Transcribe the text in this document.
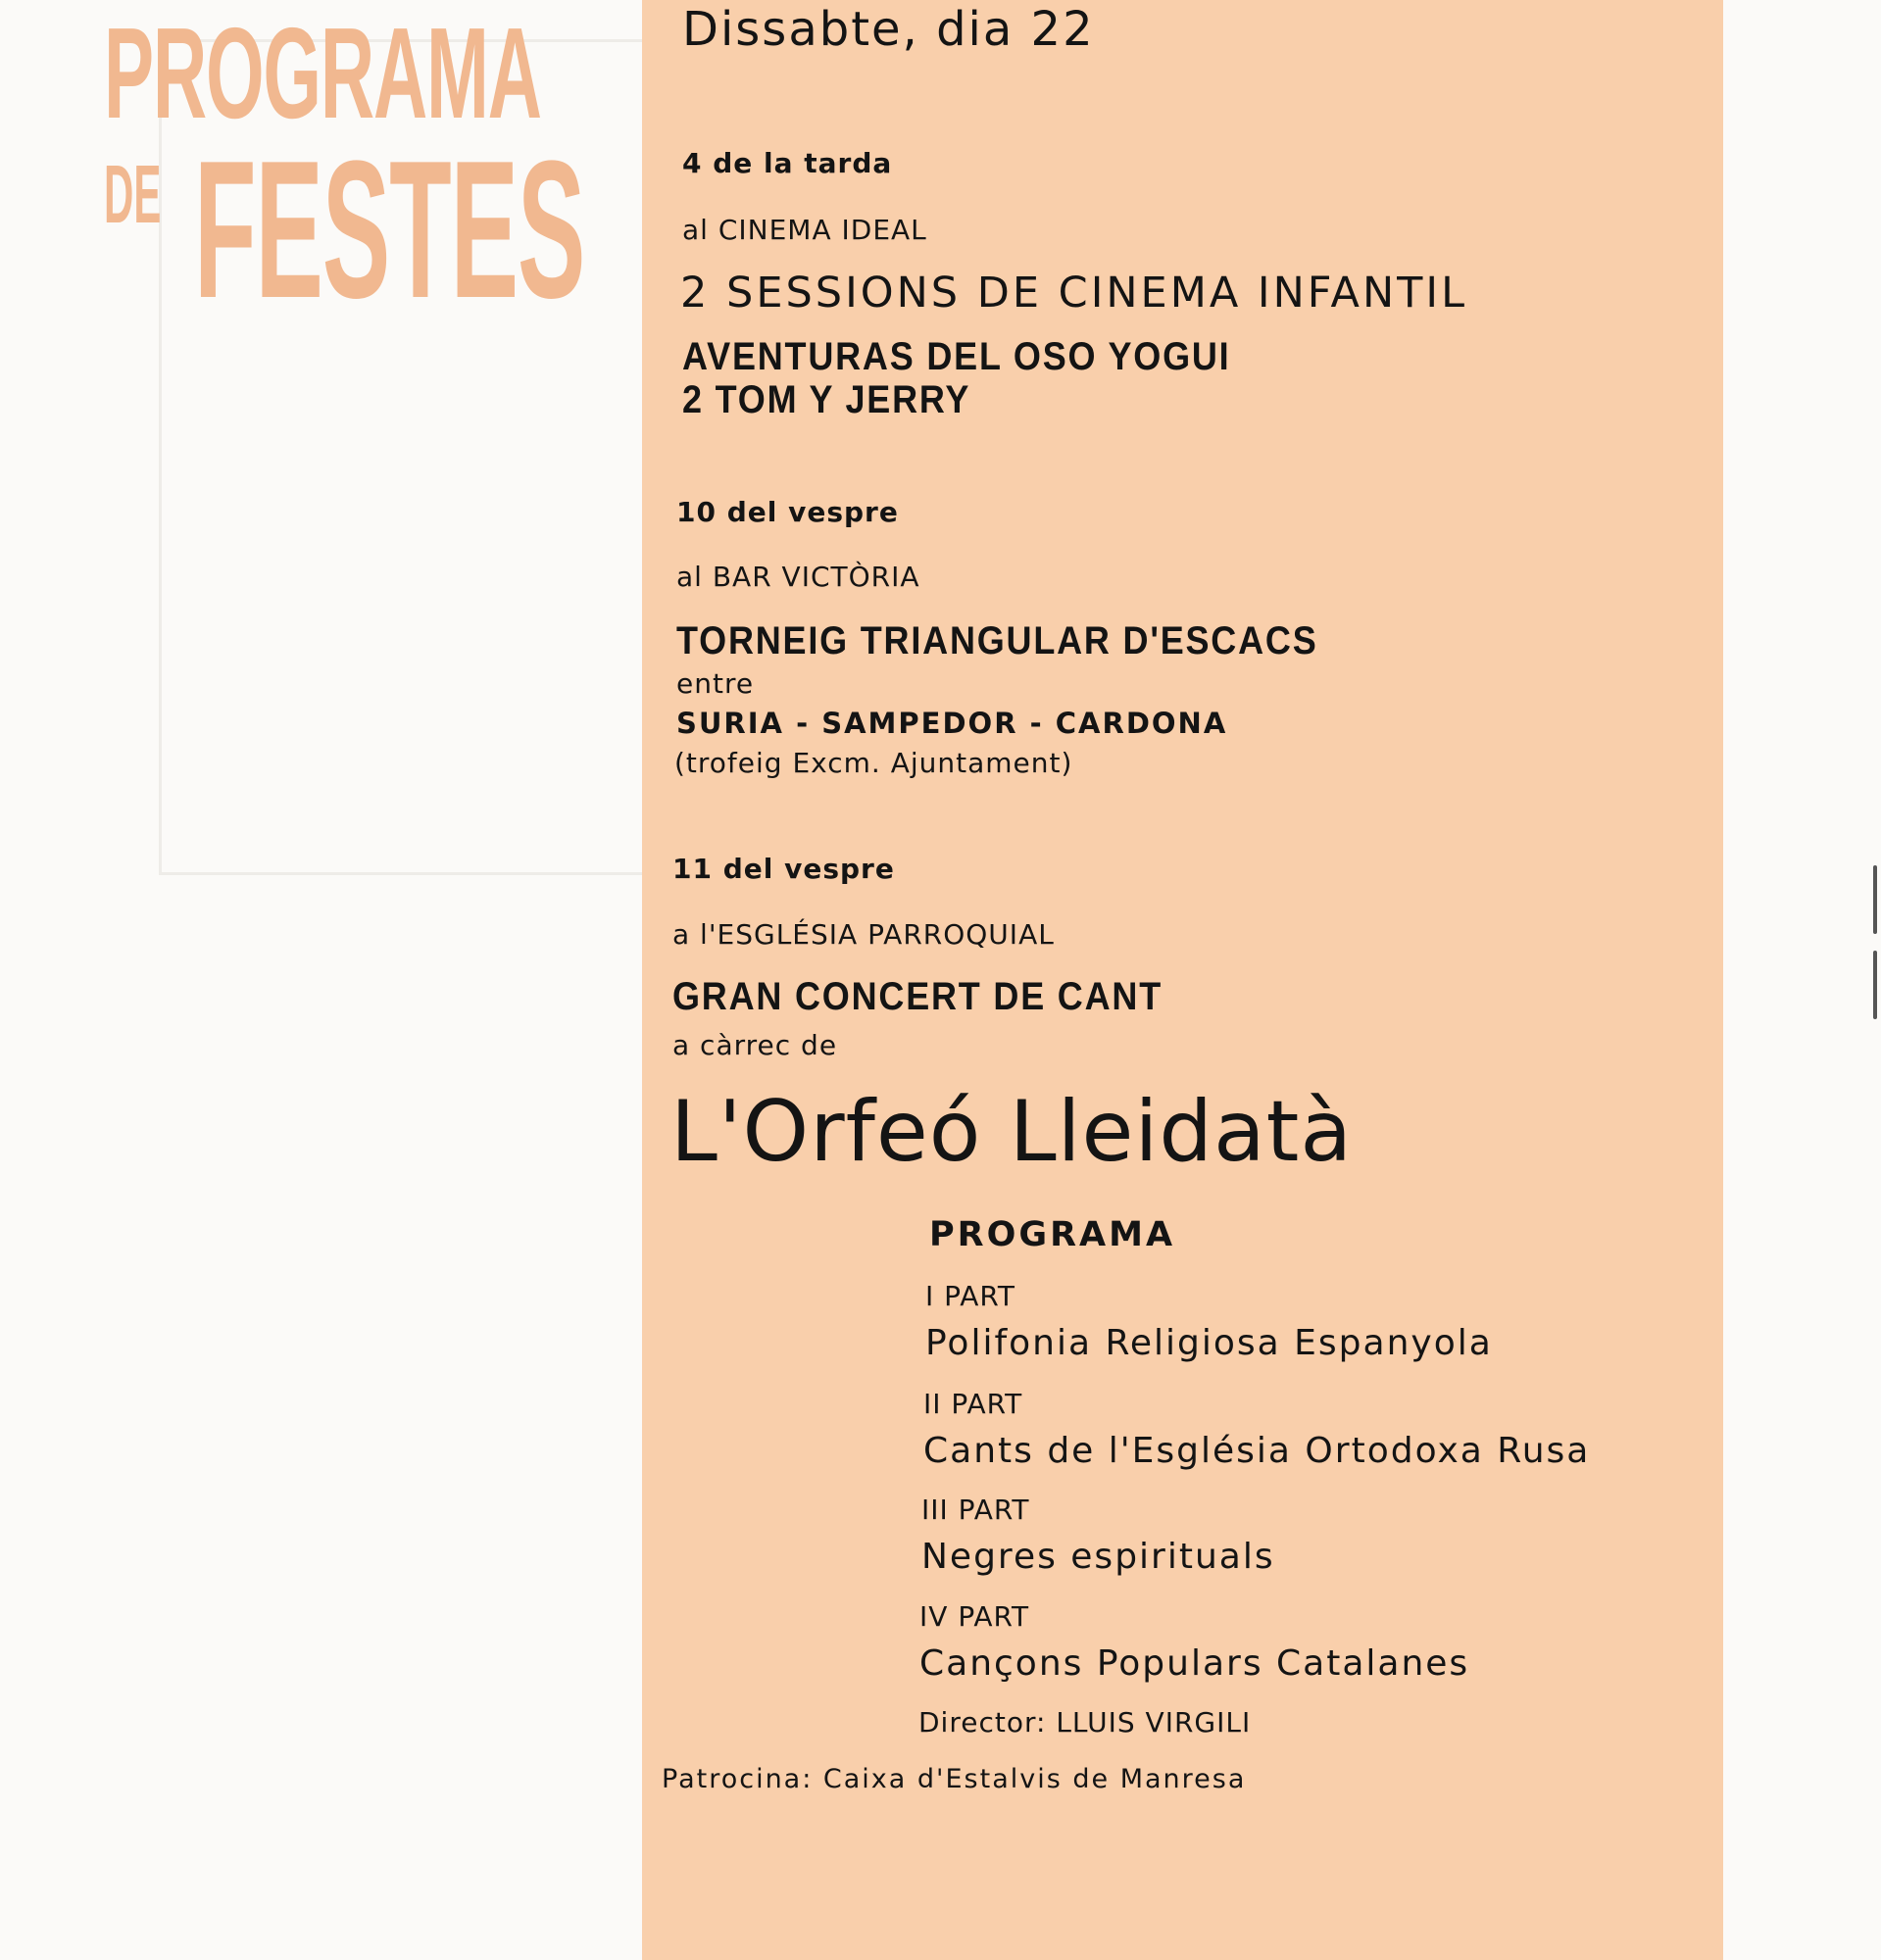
PROGRAMA
DE FESTES
Dissabte, dia 22
4 de la tarda
al CINEMA IDEAL
2 SESSIONS DE CINEMA INFANTIL
AVENTURAS DEL OSO YOGUI
2 TOM Y JERRY
10 del vespre
al BAR VICTÒRIA
TORNEIG TRIANGULAR D'ESCACS
entre
SURIA - SAMPEDOR - CARDONA
(trofeig Excm. Ajuntament)
11 del vespre
a l'ESGLÉSIA PARROQUIAL
GRAN CONCERT DE CANT
a càrrec de
L'Orfeó Lleidatà
PROGRAMA
I PART
Polifonia Religiosa Espanyola
II PART
Cants de l'Església Ortodoxa Rusa
III PART
Negres espirituals
IV PART
Cançons Populars Catalanes
Director: LLUIS VIRGILI
Patrocina: Caixa d'Estalvis de Manresa
